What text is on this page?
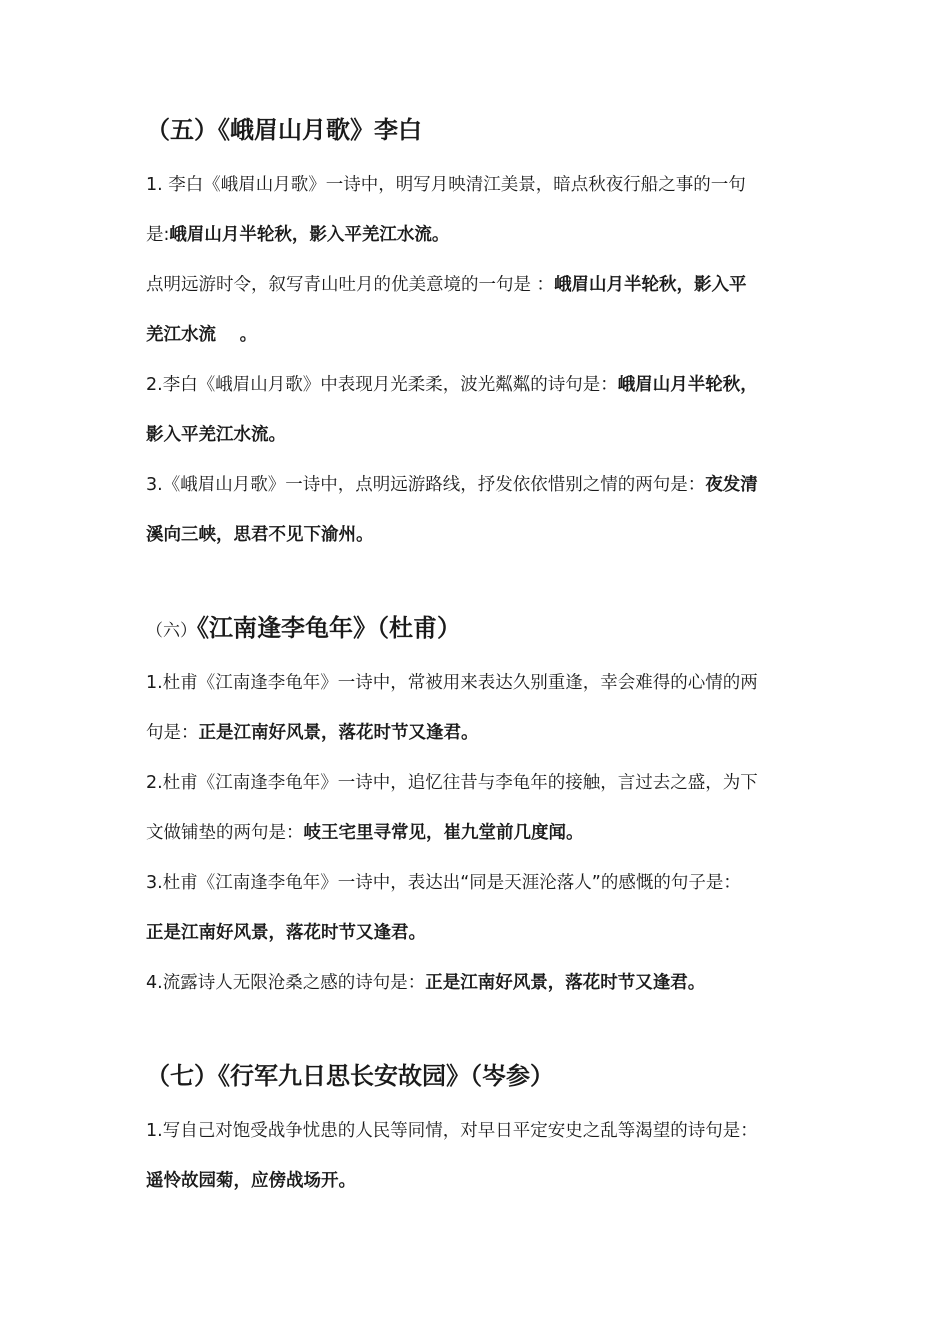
（五）《峨眉山月歌》李白
1. 李白《峨眉山月歌》一诗中，明写月映清江美景，暗点秋夜行船之事的一句
是:峨眉山月半轮秋，影入平羌江水流。
点明远游时令，叙写青山吐月的优美意境的一句是 ：峨眉山月半轮秋，影入平
羌江水流 　。
2.李白《峨眉山月歌》中表现月光柔柔，波光粼粼的诗句是：峨眉山月半轮秋，
影入平羌江水流。
3.《峨眉山月歌》一诗中，点明远游路线，抒发依依惜别之情的两句是：夜发清
溪向三峡，思君不见下渝州。
（六）《江南逢李龟年》（杜甫）
1.杜甫《江南逢李龟年》一诗中，常被用来表达久别重逢，幸会难得的心情的两
句是：正是江南好风景，落花时节又逢君。
2.杜甫《江南逢李龟年》一诗中，追忆往昔与李龟年的接触，言过去之盛，为下
文做铺垫的两句是：岐王宅里寻常见，崔九堂前几度闻。
3.杜甫《江南逢李龟年》一诗中，表达出“同是天涯沦落人”的感慨的句子是：
正是江南好风景，落花时节又逢君。
4.流露诗人无限沧桑之感的诗句是：正是江南好风景，落花时节又逢君。
（七）《行军九日思长安故园》（岑参）
1.写自己对饱受战争忧患的人民等同情，对早日平定安史之乱等渴望的诗句是：
遥怜故园菊，应傍战场开。
